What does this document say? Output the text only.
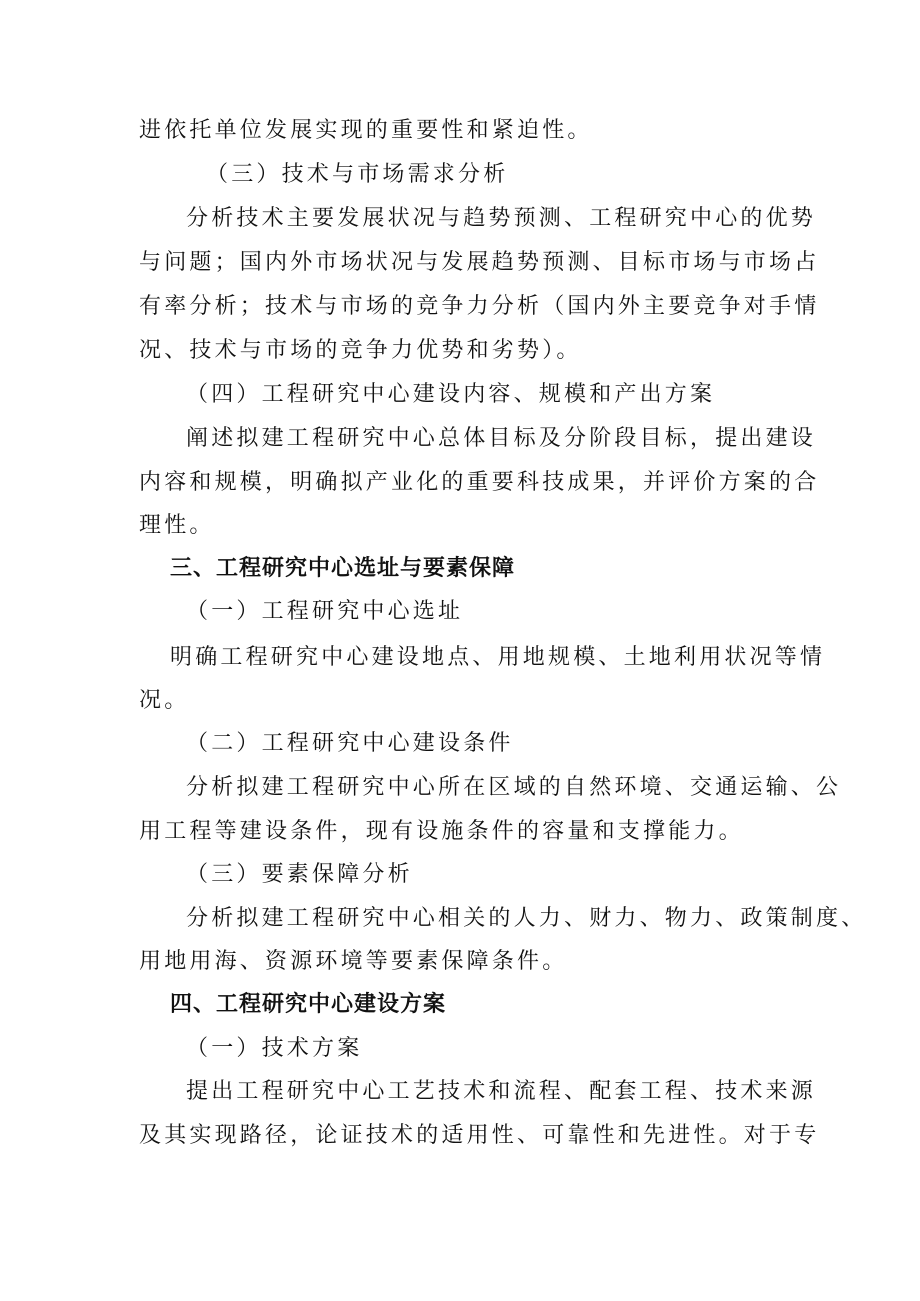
进依托单位发展实现的重要性和紧迫性。
（三）技术与市场需求分析
分析技术主要发展状况与趋势预测、工程研究中心的优势
与问题；国内外市场状况与发展趋势预测、目标市场与市场占
有率分析；技术与市场的竞争力分析（国内外主要竞争对手情
况、技术与市场的竞争力优势和劣势）。
（四）工程研究中心建设内容、规模和产出方案
阐述拟建工程研究中心总体目标及分阶段目标，提出建设
内容和规模，明确拟产业化的重要科技成果，并评价方案的合
理性。
三、工程研究中心选址与要素保障
（一）工程研究中心选址
明确工程研究中心建设地点、用地规模、土地利用状况等情
况。
（二）工程研究中心建设条件
分析拟建工程研究中心所在区域的自然环境、交通运输、公
用工程等建设条件，现有设施条件的容量和支撑能力。
（三）要素保障分析
分析拟建工程研究中心相关的人力、财力、物力、政策制度、
用地用海、资源环境等要素保障条件。
四、工程研究中心建设方案
（一）技术方案
提出工程研究中心工艺技术和流程、配套工程、技术来源
及其实现路径，论证技术的适用性、可靠性和先进性。对于专
